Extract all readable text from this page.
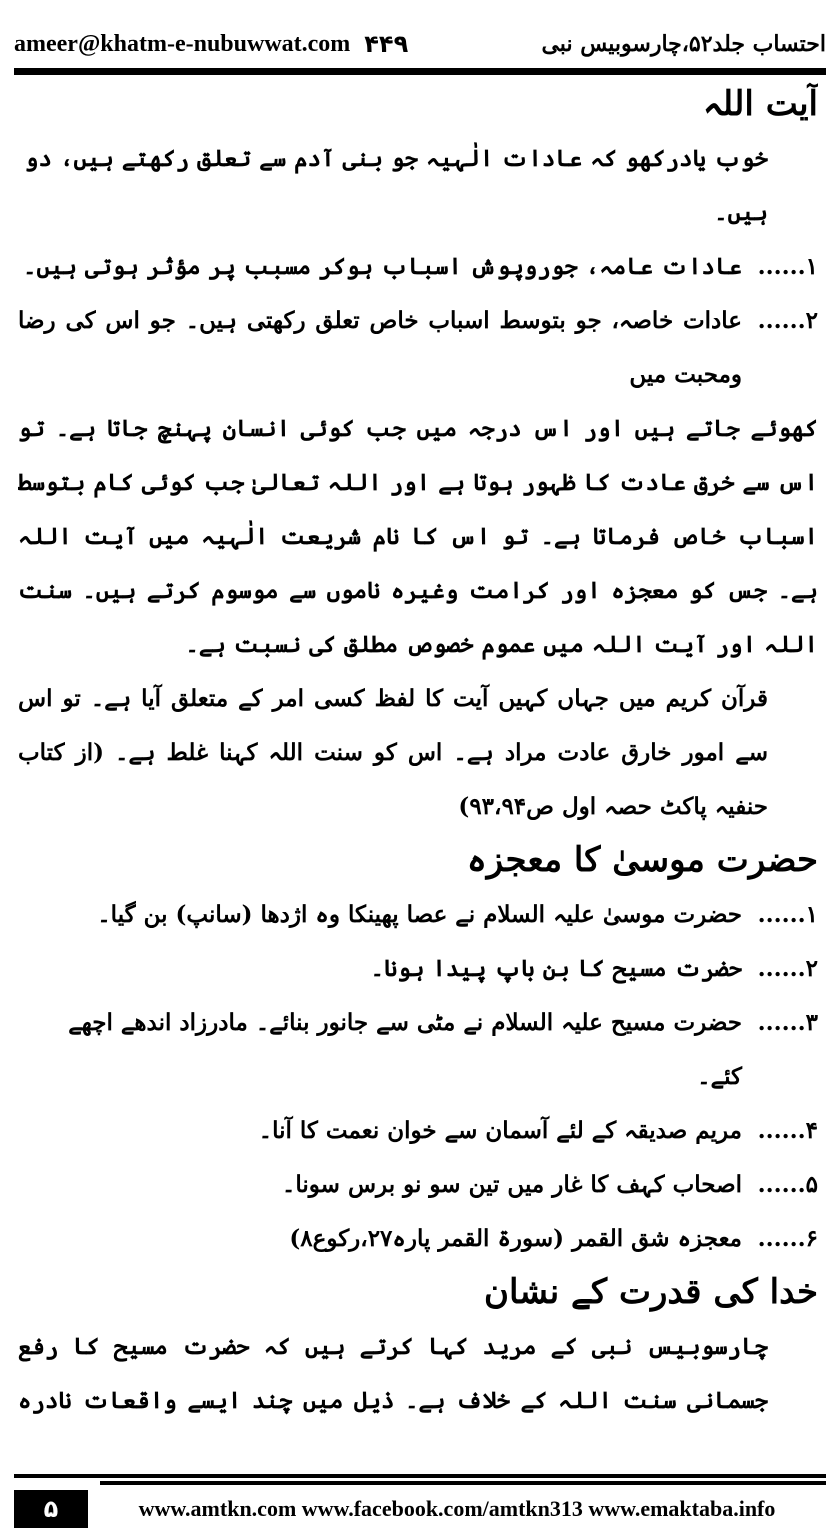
ameer@khatm-e-nubuwwat.com ۴۴۹	احتساب جلد۵۲،چارسوبیس نبی
آیت اللہ

خوب یادرکھو کہ عادات الٰہیہ جو بنی آدم سے تعلق رکھتے ہیں، دو ہیں۔

۱......
عادات عامہ، جوروپوش اسباب ہوکر مسبب پر مؤثر ہوتی ہیں۔
۲......
عادات خاصہ، جو بتوسط اسباب خاص تعلق رکھتی ہیں۔ جو اس کی رضا ومحبت میں

کھوئے جاتے ہیں اور اس درجہ میں جب کوئی انسان پہنچ جاتا ہے۔ تو اس سے خرق عادت کا ظہور ہوتا ہے اور اللہ تعالیٰ جب کوئی کام بتوسط اسباب خاص فرماتا ہے۔ تو اس کا نام شریعت الٰہیہ میں آیت اللہ ہے۔ جس کو معجزہ اور کرامت وغیرہ ناموں سے موسوم کرتے ہیں۔ سنت اللہ اور آیت اللہ میں عموم خصوص مطلق کی نسبت ہے۔

قرآن کریم میں جہاں کہیں آیت کا لفظ کسی امر کے متعلق آیا ہے۔ تو اس سے امور خارق عادت مراد ہے۔ اس کو سنت اللہ کہنا غلط ہے۔ (از کتاب حنفیہ پاکٹ حصہ اول ص۹۳،۹۴)

حضرت موسیٰ کا معجزہ
۱......
حضرت موسیٰ علیہ السلام نے عصا پھینکا وہ اژدھا (سانپ) بن گیا۔
۲......
حضرت مسیح کا بن باپ پیدا ہونا۔
۳......
حضرت مسیح علیہ السلام نے مٹی سے جانور بنائے۔ مادرزاد اندھے اچھے کئے۔
۴......
مریم صدیقہ کے لئے آسمان سے خوان نعمت کا آنا۔
۵......
اصحاب کہف کا غار میں تین سو نو برس سونا۔
۶......
معجزہ شق القمر (سورۃ القمر پارہ۲۷،رکوع۸)
خدا کی قدرت کے نشان

چارسوبیس نبی کے مرید کہا کرتے ہیں کہ حضرت مسیح کا رفع جسمانی سنت اللہ کے خلاف ہے۔ ذیل میں چند ایسے واقعات نادرہ

۵	www.amtkn.com www.facebook.com/amtkn313 www.emaktaba.info
